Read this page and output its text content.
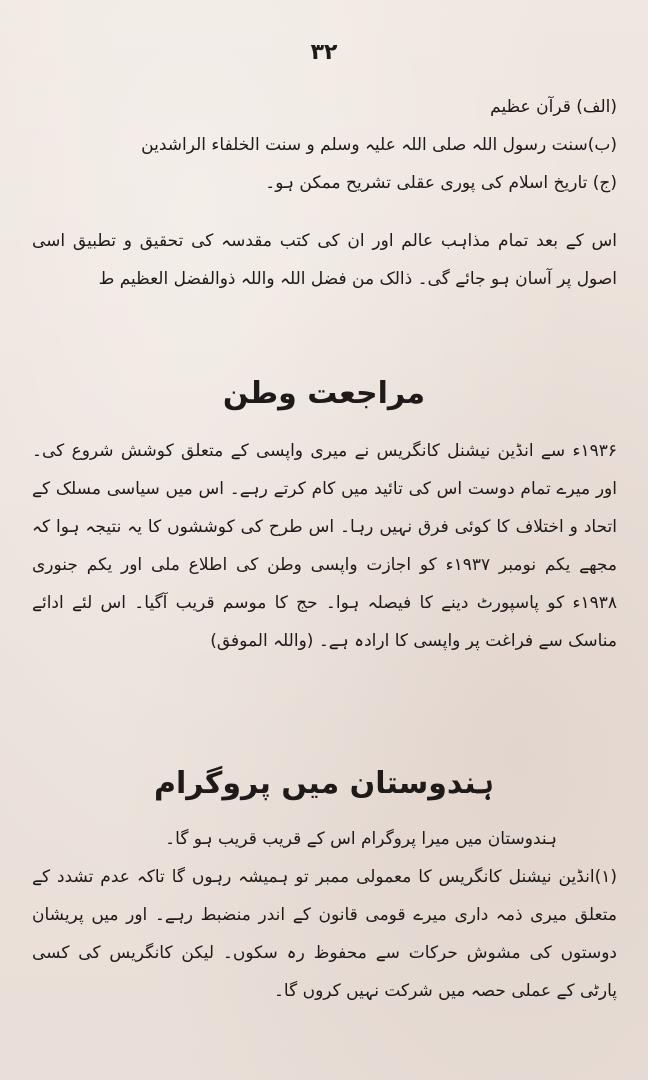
۳۲
(الف) قرآن عظیم
(ب)سنت رسول اللہ صلی اللہ علیہ وسلم و سنت الخلفاء الراشدین
(ج) تاریخ اسلام کی پوری عقلی تشریح ممکن ہو۔
اس کے بعد تمام مذاہب عالم اور ان کی کتب مقدسہ کی تحقیق و تطبیق اسی اصول پر آسان ہو جائے گی۔ ذالک من فضل اللہ واللہ ذوالفضل العظیم ط
مراجعت وطن
۱۹۳۶ء سے انڈین نیشنل کانگریس نے میری واپسی کے متعلق کوشش شروع کی۔ اور میرے تمام دوست اس کی تائید میں کام کرتے رہے۔ اس میں سیاسی مسلک کے اتحاد و اختلاف کا کوئی فرق نہیں رہا۔ اس طرح کی کوششوں کا یہ نتیجہ ہوا کہ مجھے یکم نومبر ۱۹۳۷ء کو اجازت واپسی وطن کی اطلاع ملی اور یکم جنوری ۱۹۳۸ء کو پاسپورٹ دینے کا فیصلہ ہوا۔ حج کا موسم قریب آگیا۔ اس لئے ادائے مناسک سے فراغت پر واپسی کا ارادہ ہے۔ (واللہ الموفق)
ہندوستان میں پروگرام
ہندوستان میں میرا پروگرام اس کے قریب قریب ہو گا۔
(۱)انڈین نیشنل کانگریس کا معمولی ممبر تو ہمیشہ رہوں گا تاکہ عدم تشدد کے متعلق میری ذمہ داری میرے قومی قانون کے اندر منضبط رہے۔ اور میں پریشان دوستوں کی مشوش حرکات سے محفوظ رہ سکوں۔ لیکن کانگریس کی کسی پارٹی کے عملی حصہ میں شرکت نہیں کروں گا۔
